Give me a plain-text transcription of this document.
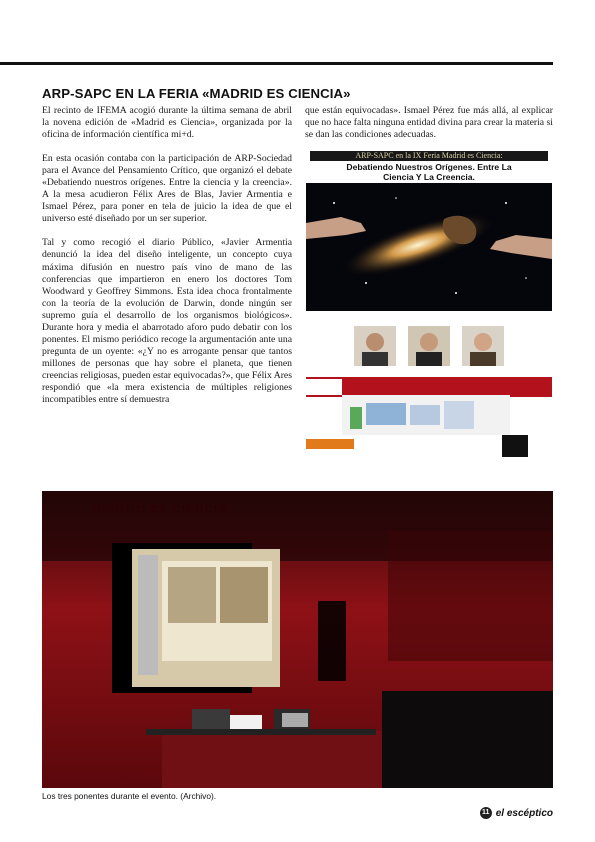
ARP-SAPC EN LA FERIA «MADRID ES CIENCIA»

El recinto de IFEMA acogió durante la última semana de abril la novena edición de «Madrid es Ciencia», organizada por la oficina de información científica mi+d.

En esta ocasión contaba con la participación de ARP-Sociedad para el Avance del Pensamiento Crítico, que organizó el debate «Debatiendo nuestros orígenes. Entre la ciencia y la creencia». A la mesa acudieron Félix Ares de Blas, Javier Armentia e Ismael Pérez, para poner en tela de juicio la idea de que el universo esté diseñado por un ser superior.

Tal y como recogió el diario Público, «Javier Armentia denunció la idea del diseño inteligente, un concepto cuya máxima difusión en nuestro país vino de mano de las conferencias que impartieron en enero los doctores Tom Woodward y Geoffrey Simmons. Esta idea choca frontalmente con la teoría de la evolución de Darwin, donde ningún ser supremo guía el desarrollo de los organismos biológicos». Durante hora y media el abarrotado aforo pudo debatir con los ponentes. El mismo periódico recoge la argumentación ante una pregunta de un oyente: «¿Y no es arrogante pensar que tantos millones de personas que hay sobre el planeta, que tienen creencias religiosas, pueden estar equivocadas?», que Félix Ares respondió que «la mera existencia de múltiples religiones incompatibles entre sí demuestra

que están equivocadas». Ismael Pérez fue más allá, al explicar que no hace falta ninguna entidad divina para crear la materia si se dan las condiciones adecuadas.

ARP-SAPC en la IX Feria Madrid es Ciencia:
Debatiendo Nuestros Orígenes. Entre La
Ciencia Y La Creencia.
madrid es ciencia
Los tres ponentes durante el evento. (Archivo).
11 el escéptico
